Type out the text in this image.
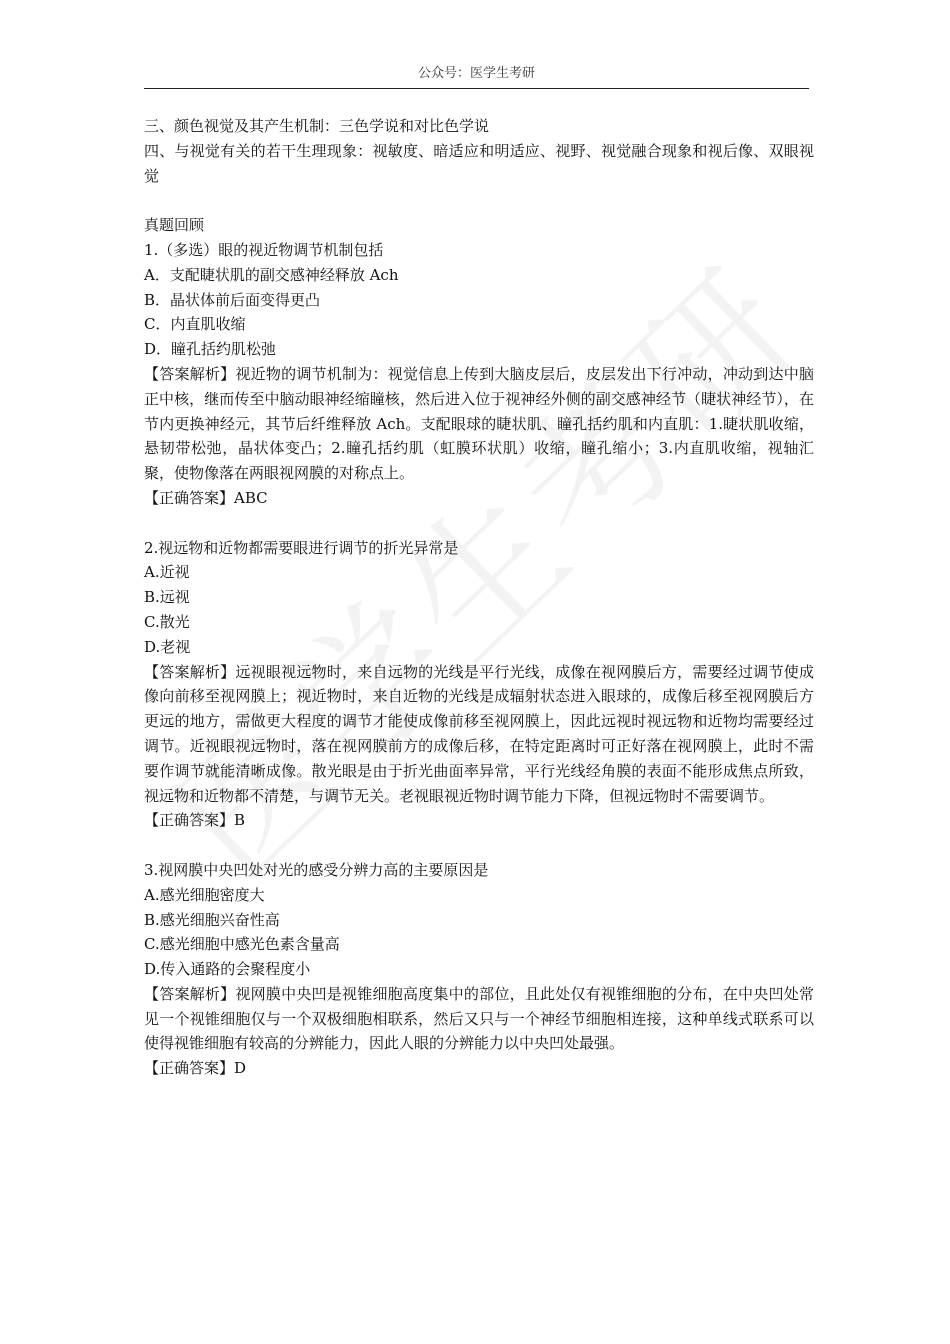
公众号：医学生考研

三、颜色视觉及其产生机制：三色学说和对比色学说

四、与视觉有关的若干生理现象：视敏度、暗适应和明适应、视野、视觉融合现象和视后像、双眼视觉

真题回顾

1.（多选）眼的视近物调节机制包括

A．支配睫状肌的副交感神经释放 Ach

B．晶状体前后面变得更凸

C．内直肌收缩

D．瞳孔括约肌松弛

【答案解析】视近物的调节机制为：视觉信息上传到大脑皮层后，皮层发出下行冲动，冲动到达中脑正中核，继而传至中脑动眼神经缩瞳核，然后进入位于视神经外侧的副交感神经节（睫状神经节），在节内更换神经元，其节后纤维释放 Ach。支配眼球的睫状肌、瞳孔括约肌和内直肌：1.睫状肌收缩，悬韧带松弛，晶状体变凸；2.瞳孔括约肌（虹膜环状肌）收缩，瞳孔缩小；3.内直肌收缩，视轴汇聚，使物像落在两眼视网膜的对称点上。

【正确答案】ABC

2.视远物和近物都需要眼进行调节的折光异常是

A.近视

B.远视

C.散光

D.老视

【答案解析】远视眼视远物时，来自远物的光线是平行光线，成像在视网膜后方，需要经过调节使成像向前移至视网膜上；视近物时，来自近物的光线是成辐射状态进入眼球的，成像后移至视网膜后方更远的地方，需做更大程度的调节才能使成像前移至视网膜上，因此远视时视远物和近物均需要经过调节。近视眼视远物时，落在视网膜前方的成像后移，在特定距离时可正好落在视网膜上，此时不需要作调节就能清晰成像。散光眼是由于折光曲面率异常，平行光线经角膜的表面不能形成焦点所致，视远物和近物都不清楚，与调节无关。老视眼视近物时调节能力下降，但视远物时不需要调节。

【正确答案】B

3.视网膜中央凹处对光的感受分辨力高的主要原因是

A.感光细胞密度大

B.感光细胞兴奋性高

C.感光细胞中感光色素含量高

D.传入通路的会聚程度小

【答案解析】视网膜中央凹是视锥细胞高度集中的部位，且此处仅有视锥细胞的分布，在中央凹处常见一个视锥细胞仅与一个双极细胞相联系，然后又只与一个神经节细胞相连接，这种单线式联系可以使得视锥细胞有较高的分辨能力，因此人眼的分辨能力以中央凹处最强。

【正确答案】D
